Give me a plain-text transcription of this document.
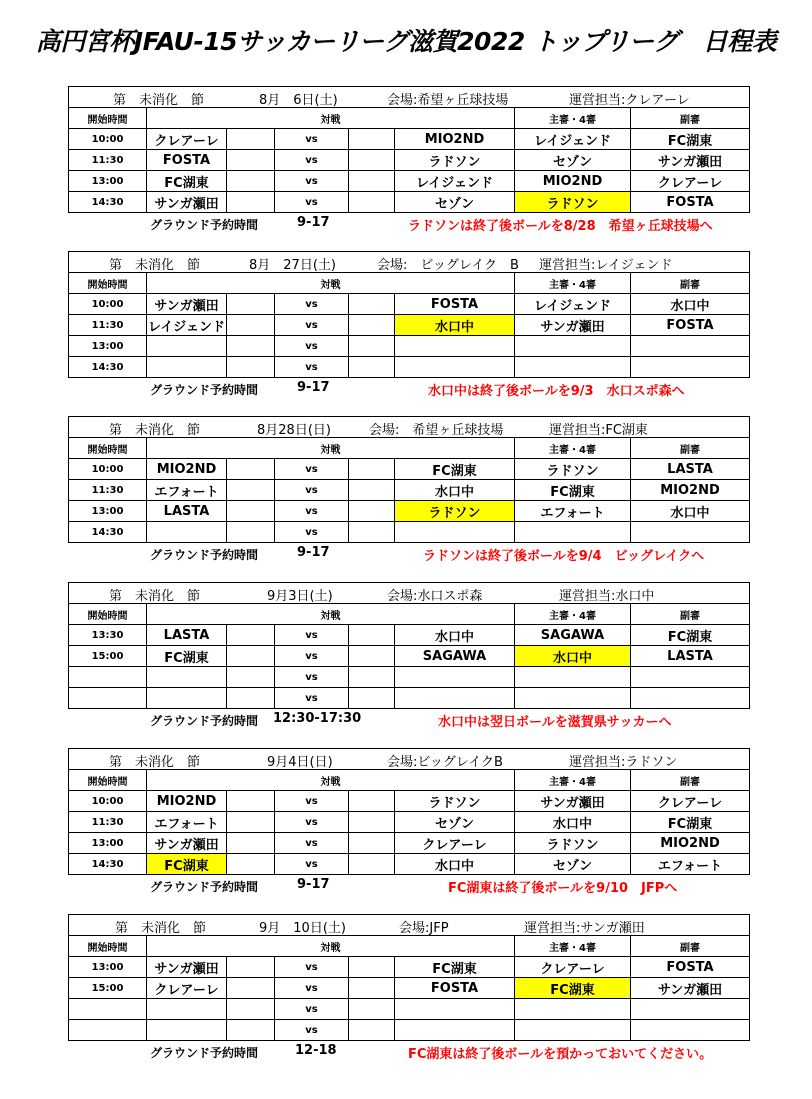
高円宮杯JFAU-15サッカーリーグ滋賀2022 トップリーグ　日程表
第　未消化　節 8月　6日(土) 会場:希望ヶ丘球技場 運営担当:クレアーレ							

開始時間	対戦					主審・4審	副審
10:00	クレアーレ		vs		MIO2ND	レイジェンド	FC湖東
11:30	FOSTA		vs		ラドソン	セゾン	サンガ瀬田
13:00	FC湖東		vs		レイジェンド	MIO2ND	クレアーレ
14:30	サンガ瀬田		vs		セゾン	ラドソン	FOSTA
グラウンド予約時間	9-17	ラドソンは終了後ボールを8/28　希望ヶ丘球技場へ
第　未消化　節 8月　27日(土) 会場:　ビッグレイク　B 運営担当:レイジェンド							

開始時間	対戦					主審・4審	副審
10:00	サンガ瀬田		vs		FOSTA	レイジェンド	水口中
11:30	レイジェンド		vs		水口中	サンガ瀬田	FOSTA
13:00			vs				
14:30			vs				
グラウンド予約時間	9-17	水口中は終了後ボールを9/3　水口スポ森へ
第　未消化　節 8月28日(日) 会場:　希望ヶ丘球技場 運営担当:FC湖東							

開始時間	対戦					主審・4審	副審
10:00	MIO2ND		vs		FC湖東	ラドソン	LASTA
11:30	エフォート		vs		水口中	FC湖東	MIO2ND
13:00	LASTA		vs		ラドソン	エフォート	水口中
14:30			vs				
グラウンド予約時間	9-17	ラドソンは終了後ボールを9/4　ビッグレイクへ
第　未消化　節 9月3日(土) 会場:水口スポ森 運営担当:水口中							

開始時間	対戦					主審・4審	副審
13:30	LASTA		vs		水口中	SAGAWA	FC湖東
15:00	FC湖東		vs		SAGAWA	水口中	LASTA
			vs				
			vs				
グラウンド予約時間 12:30-17:30	水口中は翌日ボールを滋賀県サッカーへ
第　未消化　節 9月4日(日) 会場:ビッグレイクB 運営担当:ラドソン							

開始時間	対戦					主審・4審	副審
10:00	MIO2ND		vs		ラドソン	サンガ瀬田	クレアーレ
11:30	エフォート		vs		セゾン	水口中	FC湖東
13:00	サンガ瀬田		vs		クレアーレ	ラドソン	MIO2ND
14:30	FC湖東		vs		水口中	セゾン	エフォート
グラウンド予約時間	9-17	FC湖東は終了後ボールを9/10　JFPへ
第　未消化　節 9月　10日(土) 会場:JFP 運営担当:サンガ瀬田							

開始時間	対戦					主審・4審	副審
13:00	サンガ瀬田		vs		FC湖東	クレアーレ	FOSTA
15:00	クレアーレ		vs		FOSTA	FC湖東	サンガ瀬田
			vs				
			vs				
グラウンド予約時間	12-18	FC湖東は終了後ボールを預かっておいてください。
